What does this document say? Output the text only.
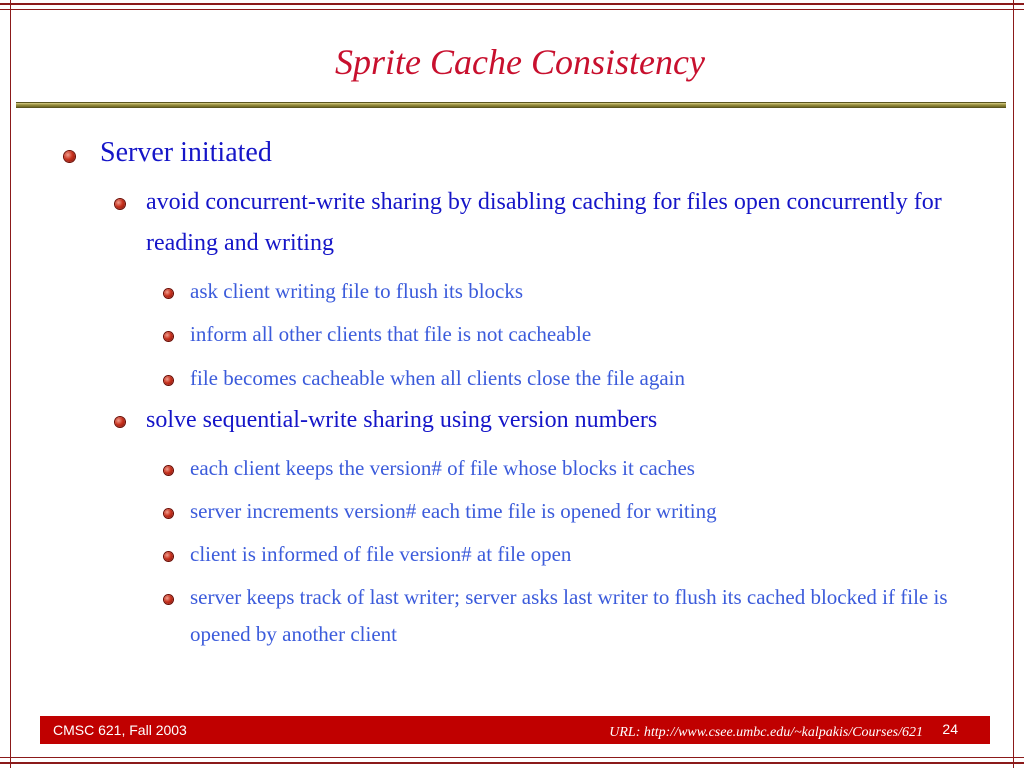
Sprite Cache Consistency
Server initiated
avoid concurrent-write sharing by disabling caching for files open concurrently for reading and writing
ask client writing file to flush its blocks
inform all other clients that file is not cacheable
file becomes cacheable when all clients close the file again
solve sequential-write sharing using version numbers
each client keeps the version# of file whose blocks it caches
server increments version# each time file is opened for writing
client is informed of file version# at file open
server keeps track of last writer; server asks last writer to flush its cached blocked if file is opened by another client
CMSC 621, Fall 2003	URL: http://www.csee.umbc.edu/~kalpakis/Courses/621 24
